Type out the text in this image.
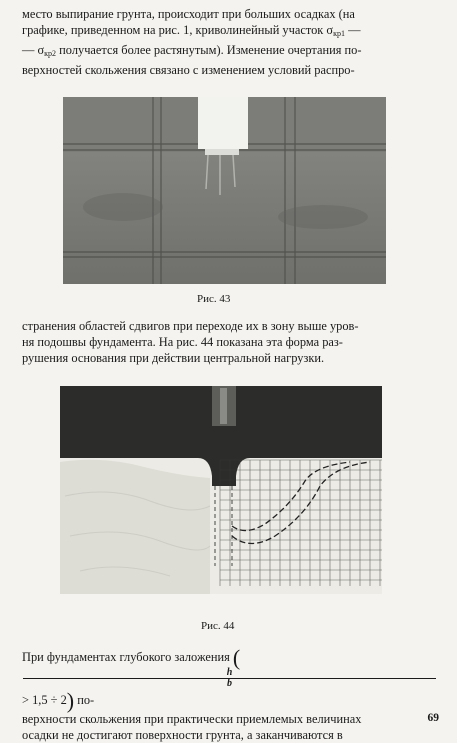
место выпирание грунта, происходит при больших осадках (на
графике, приведенном на рис. 1, криволинейный участок $\sigma_{кр1}$ —
— $\sigma_{кр2}$ получается более растянутым). Изменение очертания по-
верхностей скольжения связано с изменением условий распро-
Рис. 43
странения областей сдвигов при переходе их в зону выше уров-
ня подошвы фундамента. На рис. 44 показана эта форма раз-
рушения основания при действии центральной нагрузки.
Рис. 44
При фундаментах глубокого заложения (
h
b
> 1,5 ÷ 2) по-
верхности скольжения при практически приемлемых величинах
осадки не достигают поверхности грунта, а заканчиваются в
69
